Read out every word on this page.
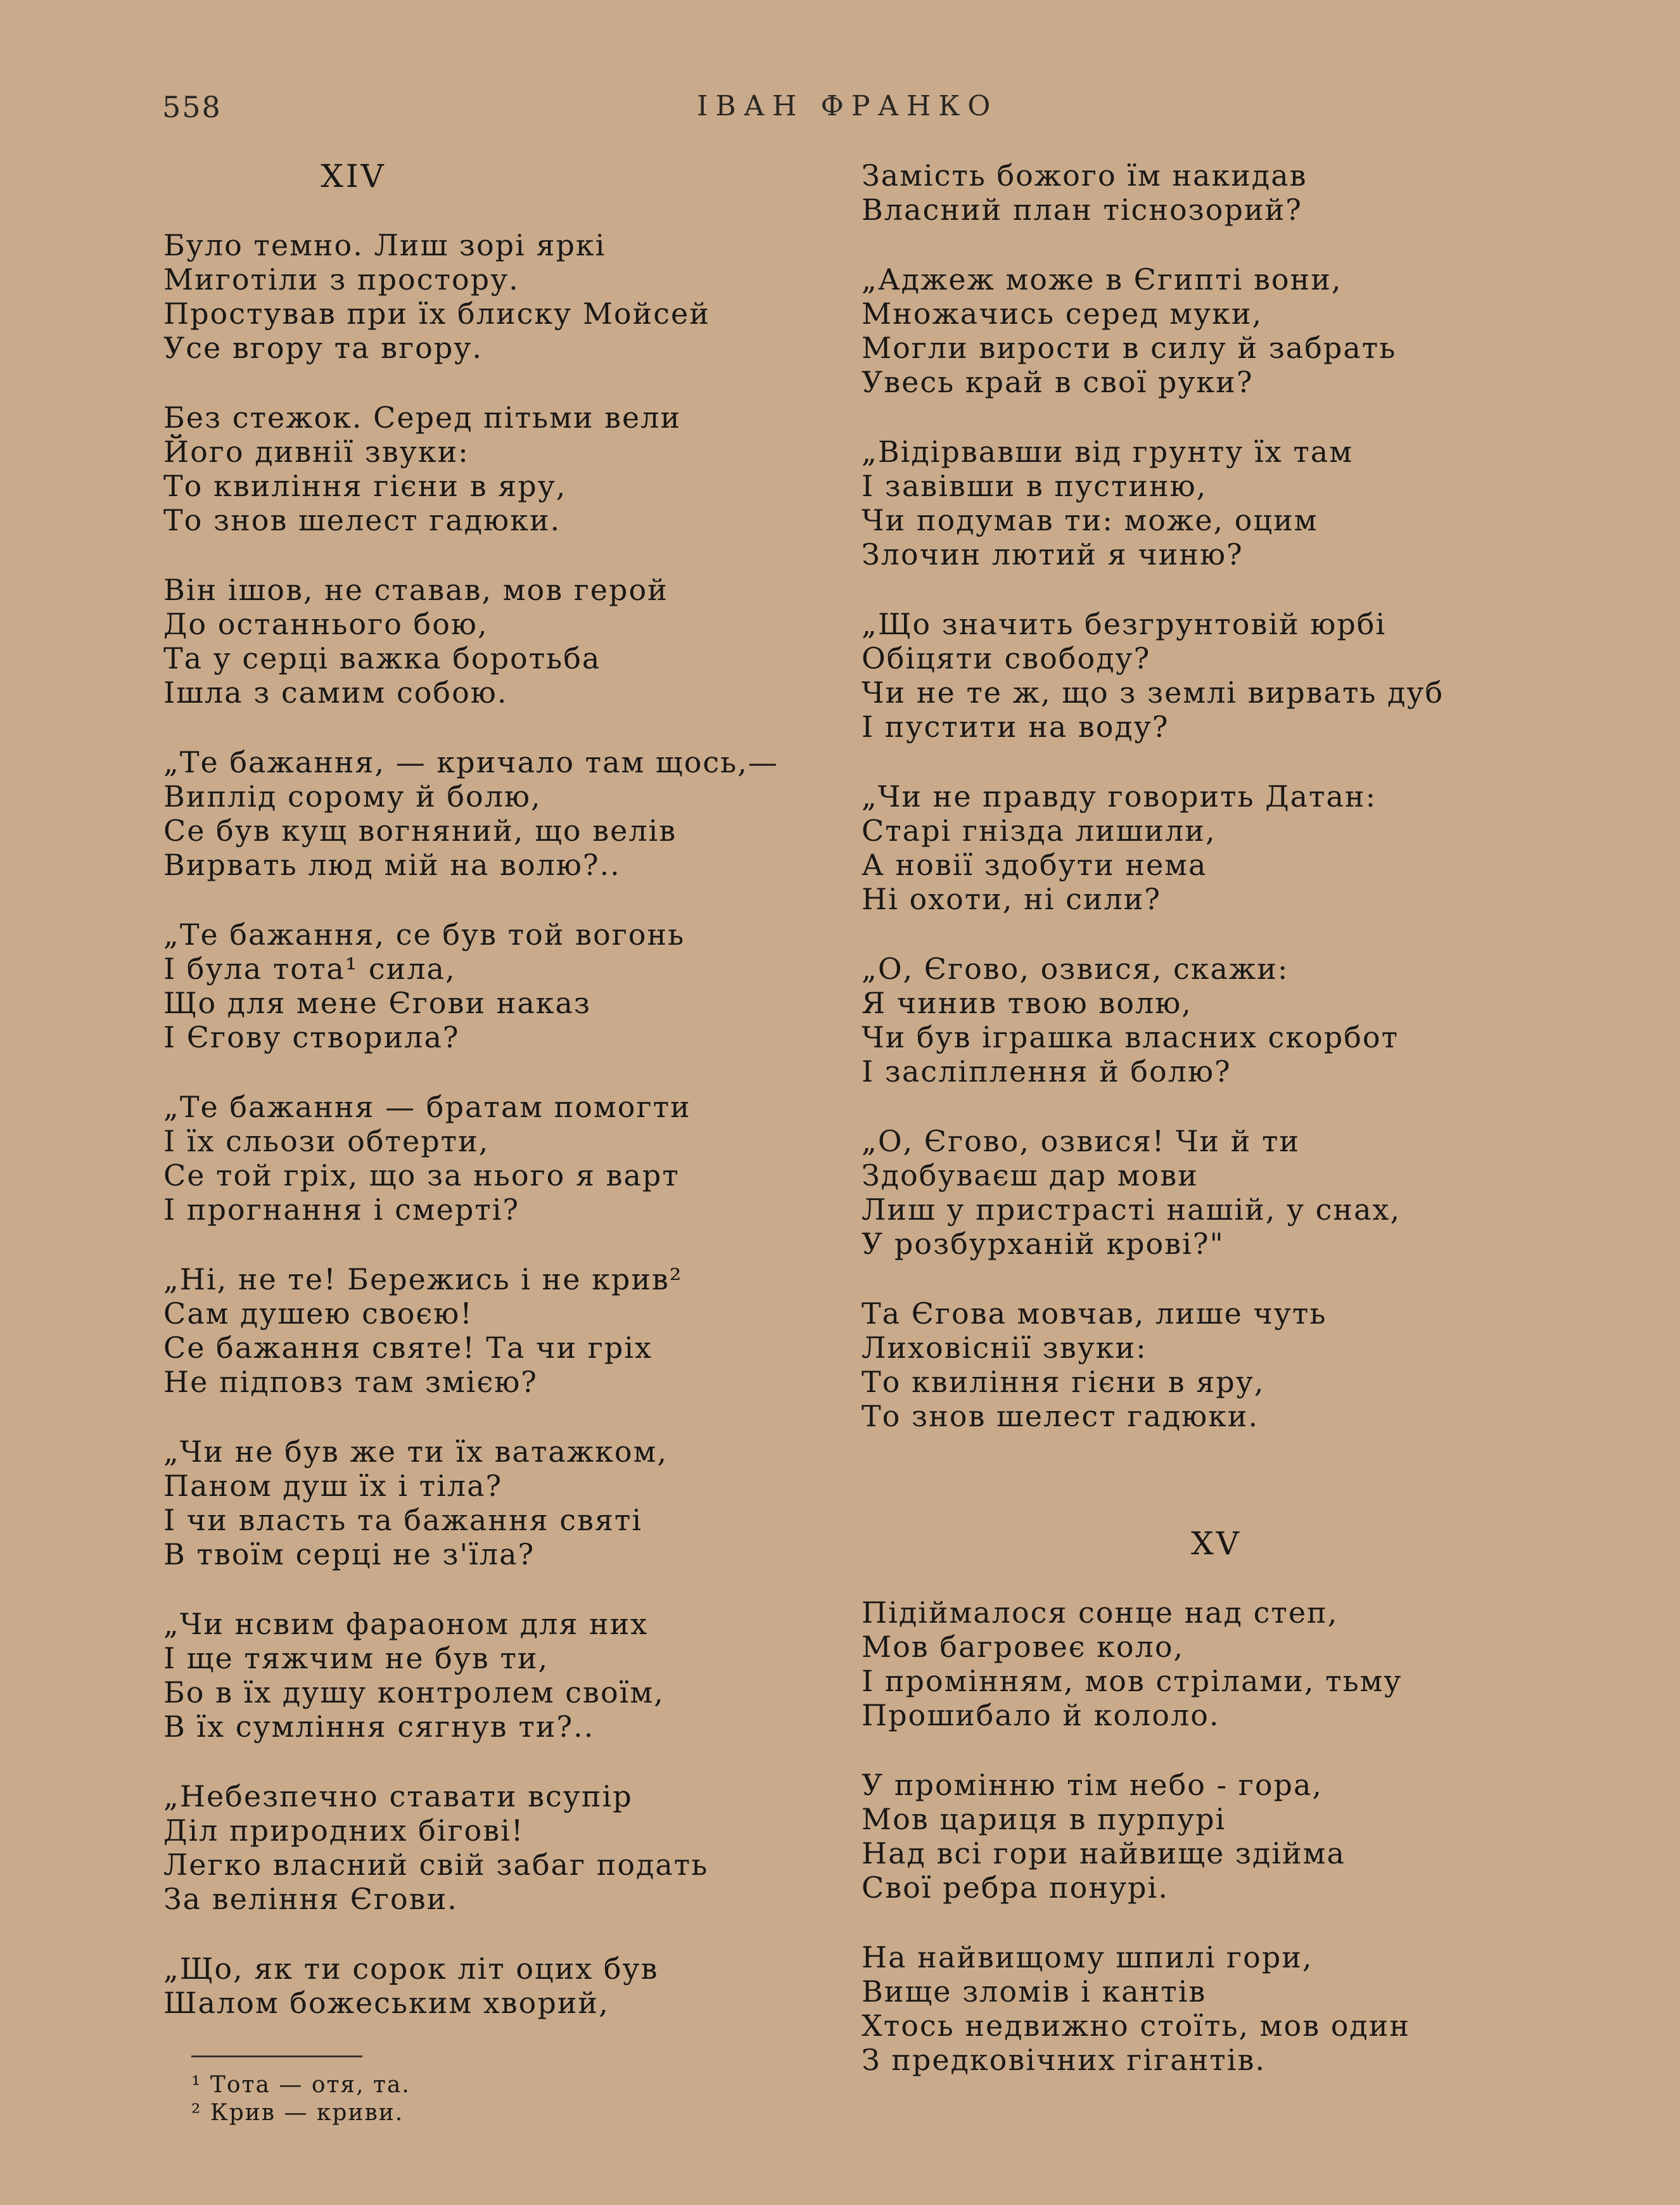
558	ІВАН ФРАНКО
XIV
Було темно. Лиш зорі яркі
Миготіли з простору.
Простував при їх блиску Мойсей
Усе вгору та вгору.
Без стежок. Серед пітьми вели
Його дивнії звуки:
То квиління гієни в яру,
То знов шелест гадюки.
Він ішов, не ставав, мов герой
До останнього бою,
Та у серці важка боротьба
Ішла з самим собою.
„Те бажання, — кричало там щось,—
Виплід сорому й болю,
Се був кущ вогняний, що велів
Вирвать люд мій на волю?..
„Те бажання, се був той вогонь
І була тота¹ сила,
Що для мене Єгови наказ
І Єгову створила?
„Те бажання — братам помогти
І їх сльози обтерти,
Се той гріх, що за нього я варт
І прогнання і смерті?
„Ні, не те! Бережись і не крив²
Сам душею своєю!
Се бажання святе! Та чи гріх
Не підповз там змією?
„Чи не був же ти їх ватажком,
Паном душ їх і тіла?
І чи власть та бажання святі
В твоїм серці не з'їла?
„Чи нсвим фараоном для них
І ще тяжчим не був ти,
Бо в їх душу контролем своїм,
В їх сумління сягнув ти?..
„Небезпечно ставати всупір
Діл природних бігові!
Легко власний свій забаг подать
За веління Єгови.
„Що, як ти сорок літ оцих був
Шалом божеським хворий,
¹ Тота — отя, та.
² Крив — криви.
Замість божого їм накидав
Власний план тіснозорий?
„Аджеж може в Єгипті вони,
Множачись серед муки,
Могли вирости в силу й забрать
Увесь край в свої руки?
„Відірвавши від грунту їх там
І завівши в пустиню,
Чи подумав ти: може, оцим
Злочин лютий я чиню?
„Що значить безгрунтовій юрбі
Обіцяти свободу?
Чи не те ж, що з землі вирвать дуб
І пустити на воду?
„Чи не правду говорить Датан:
Старі гнізда лишили,
А новії здобути нема
Ні охоти, ні сили?
„О, Єгово, озвися, скажи:
Я чинив твою волю,
Чи був іграшка власних скорбот
І засліплення й болю?
„О, Єгово, озвися! Чи й ти
Здобуваєш дар мови
Лиш у пристрасті нашій, у снах,
У розбурханій крові?"
Та Єгова мовчав, лише чуть
Лиховіснії звуки:
То квиління гієни в яру,
То знов шелест гадюки.
XV
Підіймалося сонце над степ,
Мов багровеє коло,
І промінням, мов стрілами, тьму
Прошибало й кололо.
У промінню тім небо - гора,
Мов цариця в пурпурі
Над всі гори найвище здійма
Свої ребра понурі.
На найвищому шпилі гори,
Вище зломів і кантів
Хтось недвижно стоїть, мов один
З предковічних гігантів.
